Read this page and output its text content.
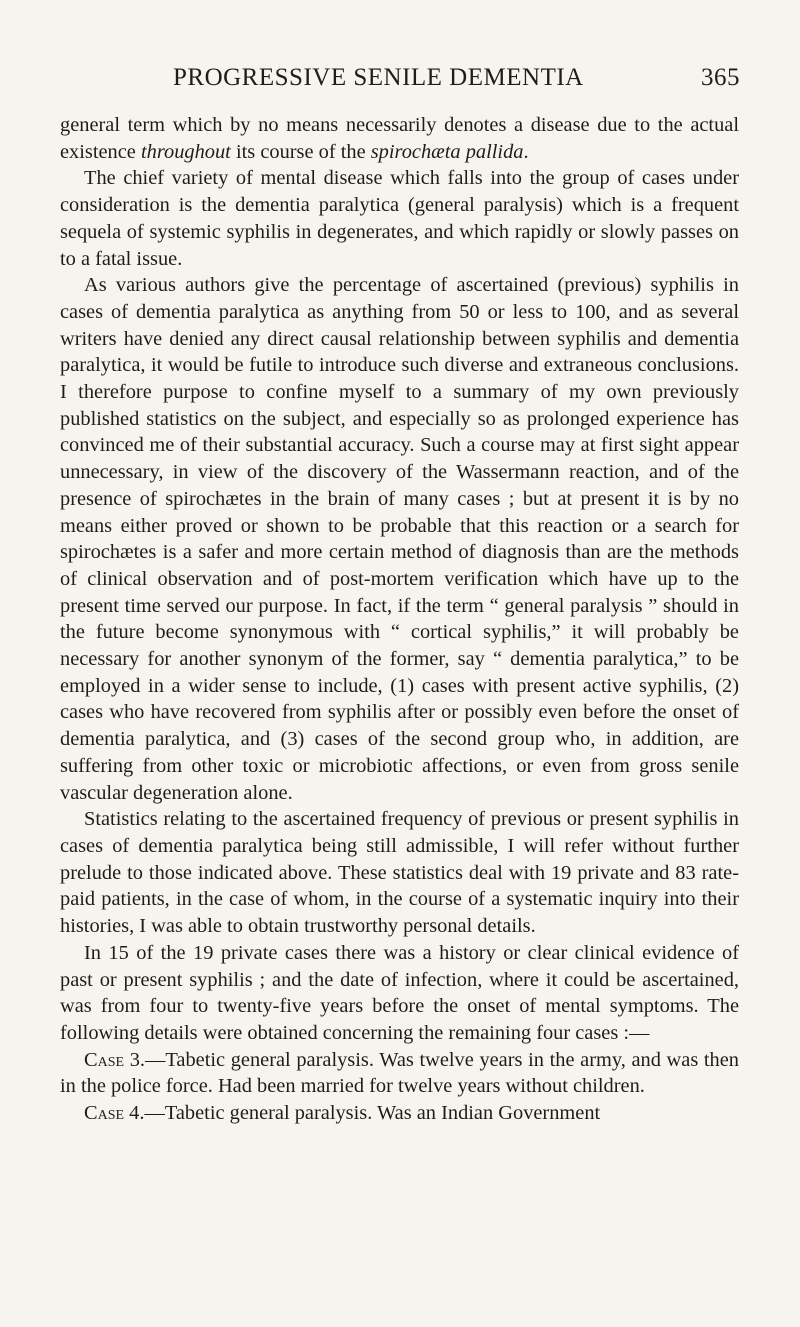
PROGRESSIVE SENILE DEMENTIA	365

general term which by no means necessarily denotes a disease due to the actual existence throughout its course of the spirochæta pallida.

The chief variety of mental disease which falls into the group of cases under consideration is the dementia paralytica (general paralysis) which is a frequent sequela of systemic syphilis in degenerates, and which rapidly or slowly passes on to a fatal issue.

As various authors give the percentage of ascertained (previous) syphilis in cases of dementia paralytica as anything from 50 or less to 100, and as several writers have denied any direct causal relationship between syphilis and dementia paralytica, it would be futile to introduce such diverse and extraneous conclusions. I therefore purpose to confine myself to a summary of my own previously published statistics on the subject, and especially so as prolonged experience has convinced me of their substantial accuracy. Such a course may at first sight appear unnecessary, in view of the discovery of the Wassermann reaction, and of the presence of spirochætes in the brain of many cases ; but at present it is by no means either proved or shown to be probable that this reaction or a search for spirochætes is a safer and more certain method of diagnosis than are the methods of clinical observation and of post-mortem verification which have up to the present time served our purpose. In fact, if the term “ general paralysis ” should in the future become synonymous with “ cortical syphilis,” it will probably be necessary for another synonym of the former, say “ dementia paralytica,” to be employed in a wider sense to include, (1) cases with present active syphilis, (2) cases who have recovered from syphilis after or possibly even before the onset of dementia paralytica, and (3) cases of the second group who, in addition, are suffering from other toxic or microbiotic affections, or even from gross senile vascular degeneration alone.

Statistics relating to the ascertained frequency of previous or present syphilis in cases of dementia paralytica being still admissible, I will refer without further prelude to those indicated above. These statistics deal with 19 private and 83 rate-paid patients, in the case of whom, in the course of a systematic inquiry into their histories, I was able to obtain trustworthy personal details.

In 15 of the 19 private cases there was a history or clear clinical evidence of past or present syphilis ; and the date of infection, where it could be ascertained, was from four to twenty-five years before the onset of mental symptoms. The following details were obtained concerning the remaining four cases :—

Case 3.—Tabetic general paralysis. Was twelve years in the army, and was then in the police force. Had been married for twelve years without children.

Case 4.—Tabetic general paralysis. Was an Indian Government
